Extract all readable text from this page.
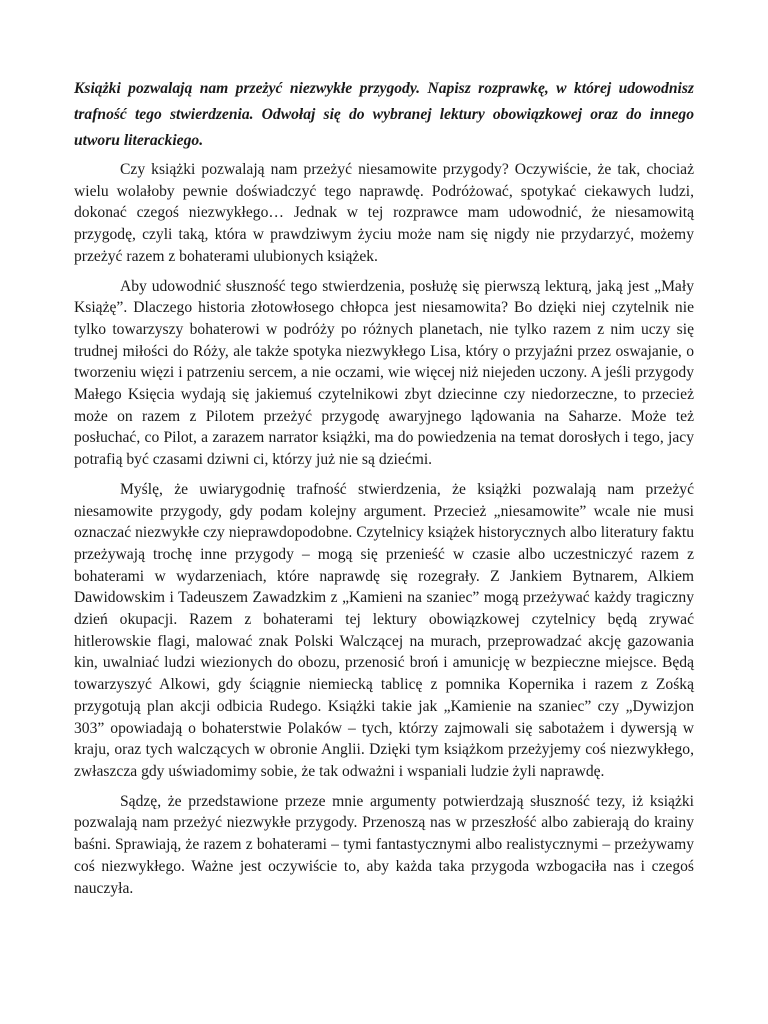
Książki pozwalają nam przeżyć niezwykłe przygody. Napisz rozprawkę, w której udowodnisz trafność tego stwierdzenia. Odwołaj się do wybranej lektury obowiązkowej oraz do innego utworu literackiego.

Czy książki pozwalają nam przeżyć niesamowite przygody? Oczywiście, że tak, chociaż wielu wolałoby pewnie doświadczyć tego naprawdę. Podróżować, spotykać ciekawych ludzi, dokonać czegoś niezwykłego… Jednak w tej rozprawce mam udowodnić, że niesamowitą przygodę, czyli taką, która w prawdziwym życiu może nam się nigdy nie przydarzyć, możemy przeżyć razem z bohaterami ulubionych książek.

Aby udowodnić słuszność tego stwierdzenia, posłużę się pierwszą lekturą, jaką jest „Mały Książę”. Dlaczego historia złotowłosego chłopca jest niesamowita? Bo dzięki niej czytelnik nie tylko towarzyszy bohaterowi w podróży po różnych planetach, nie tylko razem z nim uczy się trudnej miłości do Róży, ale także spotyka niezwykłego Lisa, który o przyjaźni przez oswajanie, o tworzeniu więzi i patrzeniu sercem, a nie oczami, wie więcej niż niejeden uczony. A jeśli przygody Małego Księcia wydają się jakiemuś czytelnikowi zbyt dziecinne czy niedorzeczne, to przecież może on razem z Pilotem przeżyć przygodę awaryjnego lądowania na Saharze. Może też posłuchać, co Pilot, a zarazem narrator książki, ma do powiedzenia na temat dorosłych i tego, jacy potrafią być czasami dziwni ci, którzy już nie są dziećmi.

Myślę, że uwiarygodnię trafność stwierdzenia, że książki pozwalają nam przeżyć niesamowite przygody, gdy podam kolejny argument. Przecież „niesamowite” wcale nie musi oznaczać niezwykłe czy nieprawdopodobne. Czytelnicy książek historycznych albo literatury faktu przeżywają trochę inne przygody – mogą się przenieść w czasie albo uczestniczyć razem z bohaterami w wydarzeniach, które naprawdę się rozegrały. Z Jankiem Bytnarem, Alkiem Dawidowskim i Tadeuszem Zawadzkim z „Kamieni na szaniec” mogą przeżywać każdy tragiczny dzień okupacji. Razem z bohaterami tej lektury obowiązkowej czytelnicy będą zrywać hitlerowskie flagi, malować znak Polski Walczącej na murach, przeprowadzać akcję gazowania kin, uwalniać ludzi wiezionych do obozu, przenosić broń i amunicję w bezpieczne miejsce. Będą towarzyszyć Alkowi, gdy ściągnie niemiecką tablicę z pomnika Kopernika i razem z Zośką przygotują plan akcji odbicia Rudego. Książki takie jak „Kamienie na szaniec” czy „Dywizjon 303” opowiadają o bohaterstwie Polaków – tych, którzy zajmowali się sabotażem i dywersją w kraju, oraz tych walczących w obronie Anglii. Dzięki tym książkom przeżyjemy coś niezwykłego, zwłaszcza gdy uświadomimy sobie, że tak odważni i wspaniali ludzie żyli naprawdę.

Sądzę, że przedstawione przeze mnie argumenty potwierdzają słuszność tezy, iż książki pozwalają nam przeżyć niezwykłe przygody. Przenoszą nas w przeszłość albo zabierają do krainy baśni. Sprawiają, że razem z bohaterami – tymi fantastycznymi albo realistycznymi – przeżywamy coś niezwykłego. Ważne jest oczywiście to, aby każda taka przygoda wzbogaciła nas i czegoś nauczyła.
